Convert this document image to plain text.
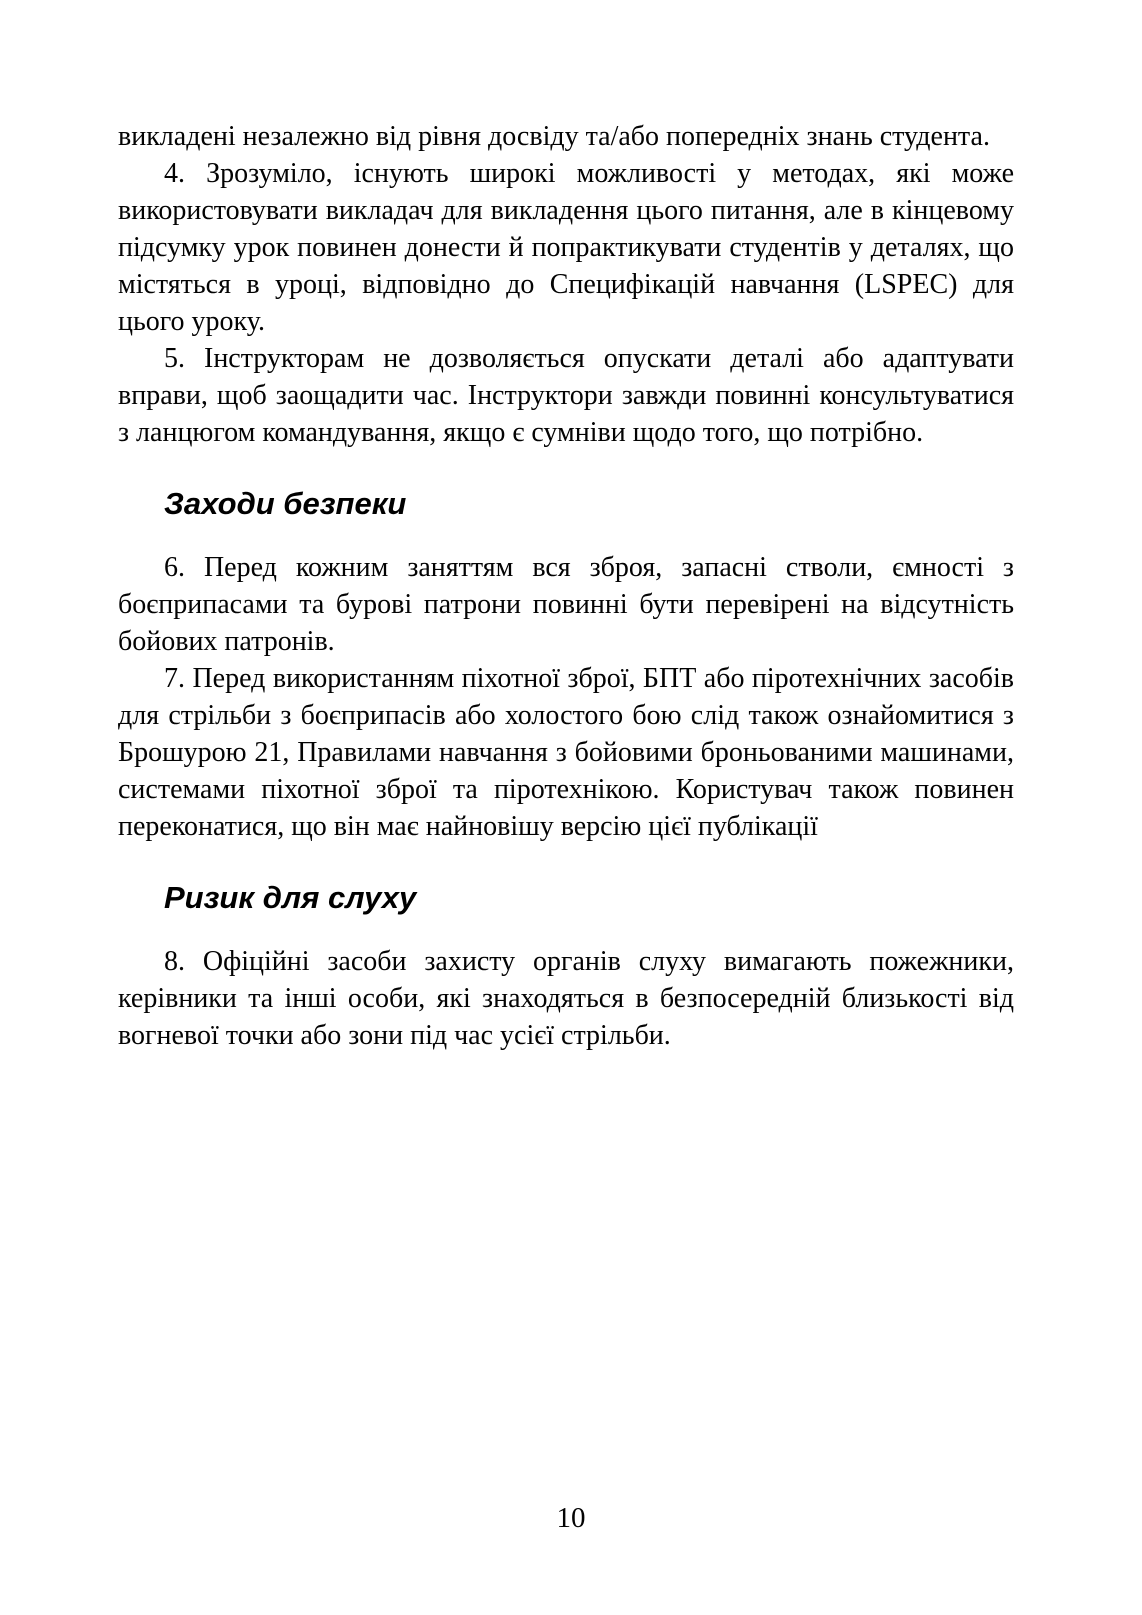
викладені незалежно від рівня досвіду та/або попередніх знань студента.

4. Зрозуміло, існують широкі можливості у методах, які може використовувати викладач для викладення цього питання, але в кінцевому підсумку урок повинен донести й попрактикувати студентів у деталях, що містяться в уроці, відповідно до Специфікацій навчання (LSPEC) для цього уроку.

5. Інструкторам не дозволяється опускати деталі або адаптувати вправи, щоб заощадити час. Інструктори завжди повинні консультуватися з ланцюгом командування, якщо є сумніви щодо того, що потрібно.

Заходи безпеки

6. Перед кожним заняттям вся зброя, запасні стволи, ємності з боєприпасами та бурові патрони повинні бути перевірені на відсутність бойових патронів.

7. Перед використанням піхотної зброї, БПТ або піротехнічних засобів для стрільби з боєприпасів або холостого бою слід також ознайомитися з Брошурою 21, Правилами навчання з бойовими броньованими машинами, системами піхотної зброї та піротехнікою. Користувач також повинен переконатися, що він має найновішу версію цієї публікації

Ризик для слуху

8. Офіційні засоби захисту органів слуху вимагають пожежники, керівники та інші особи, які знаходяться в безпосередній близькості від вогневої точки або зони під час усієї стрільби.

10
